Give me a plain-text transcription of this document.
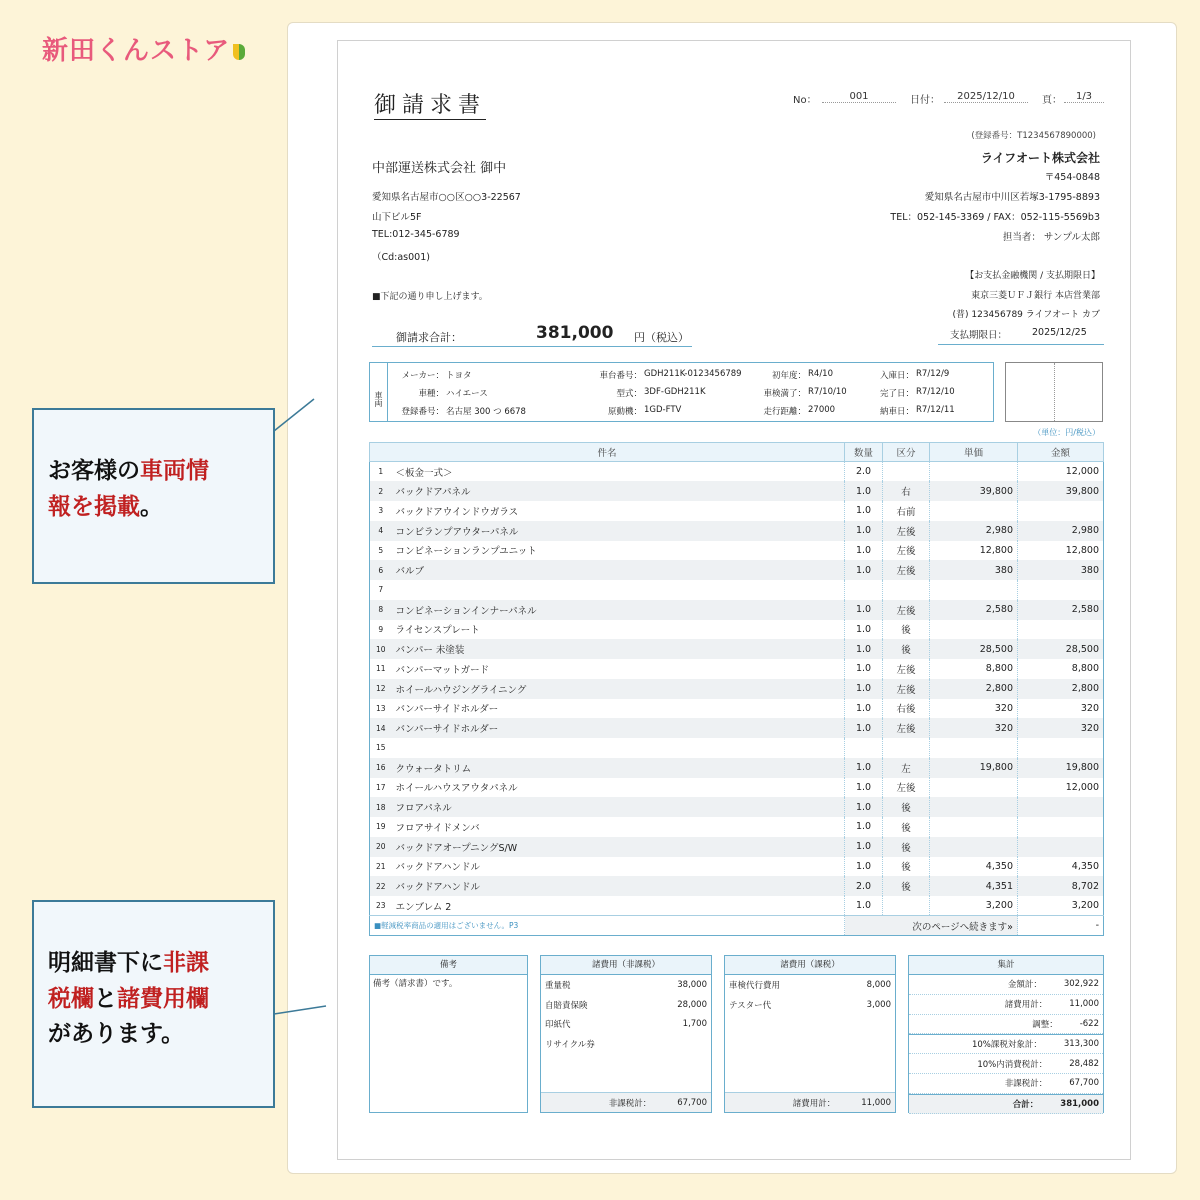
新田くんストア
御請求書	No：	001	日付：	2025/12/10	頁：	1/3
(登録番号：T1234567890000)
中部運送株式会社 御中
愛知県名古屋市○○区○○3-22567
山下ビル5F
TEL:012-345-6789
（Cd:as001)
ライフオート株式会社
〒454-0848
愛知県名古屋市中川区若塚3-1795-8893
TEL：052-145-3369 / FAX：052-115-5569b3
担当者： サンプル太郎
【お支払金融機関 / 支払期限日】
東京三菱ＵＦＪ銀行 本店営業部
(普) 123456789 ライフオート カブ
支払期限日：	2025/12/25
■下記の通り申し上げます。
御請求合計：	381,000 円（税込）
車両
メーカー： トヨタ	車台番号： GDH211K-0123456789	初年度： R4/10	入庫日： R7/12/9
車種： ハイエース	型式： 3DF-GDH211K	車検満了： R7/10/10	完了日： R7/12/10
登録番号： 名古屋 300 つ 6678	原動機： 1GD-FTV	走行距離： 27000	納車日： R7/12/11
（単位：円/税込）
件名		数量	区分	単価	金額
1	＜板金一式＞	2.0			12,000
2	バックドアパネル	1.0	右	39,800	39,800
3	バックドアウインドウガラス	1.0	右前		
4	コンビランプアウターパネル	1.0	左後	2,980	2,980
5	コンビネーションランプユニット	1.0	左後	12,800	12,800
6	バルブ	1.0	左後	380	380
7					
8	コンビネーションインナーパネル	1.0	左後	2,580	2,580
9	ライセンスプレート	1.0	後		
10	バンパー 未塗装	1.0	後	28,500	28,500
11	バンパーマットガード	1.0	左後	8,800	8,800
12	ホイールハウジングライニング	1.0	左後	2,800	2,800
13	バンパーサイドホルダー	1.0	右後	320	320
14	バンパーサイドホルダー	1.0	左後	320	320
15					
16	クウォータトリム	1.0	左	19,800	19,800
17	ホイールハウスアウタパネル	1.0	左後		12,000
18	フロアパネル	1.0	後		
19	フロアサイドメンバ	1.0	後		
20	バックドアオープニングS/W	1.0	後		
21	バックドアハンドル	1.0	後	4,350	4,350
22	バックドアハンドル	2.0	後	4,351	8,702
23	エンブレム 2	1.0		3,200	3,200
■軽減税率商品の適用はございません。P3		次のページへ続きます»			-
備考
備考（請求書）です。
諸費用（非課税）
重量税	38,000
自賠責保険	28,000
印紙代	1,700
リサイクル券
非課税計：	67,700
諸費用（課税）
車検代行費用	8,000
テスター代	3,000
諸費用計：	11,000
集計
金額計：	302,922
諸費用計：	11,000
調整：	-622
10%課税対象計：	313,300
10%内消費税計：	28,482
非課税計：	67,700
合計：	381,000
お客様の車両情
報を掲載。
明細書下に非課
税欄と諸費用欄
があります。
